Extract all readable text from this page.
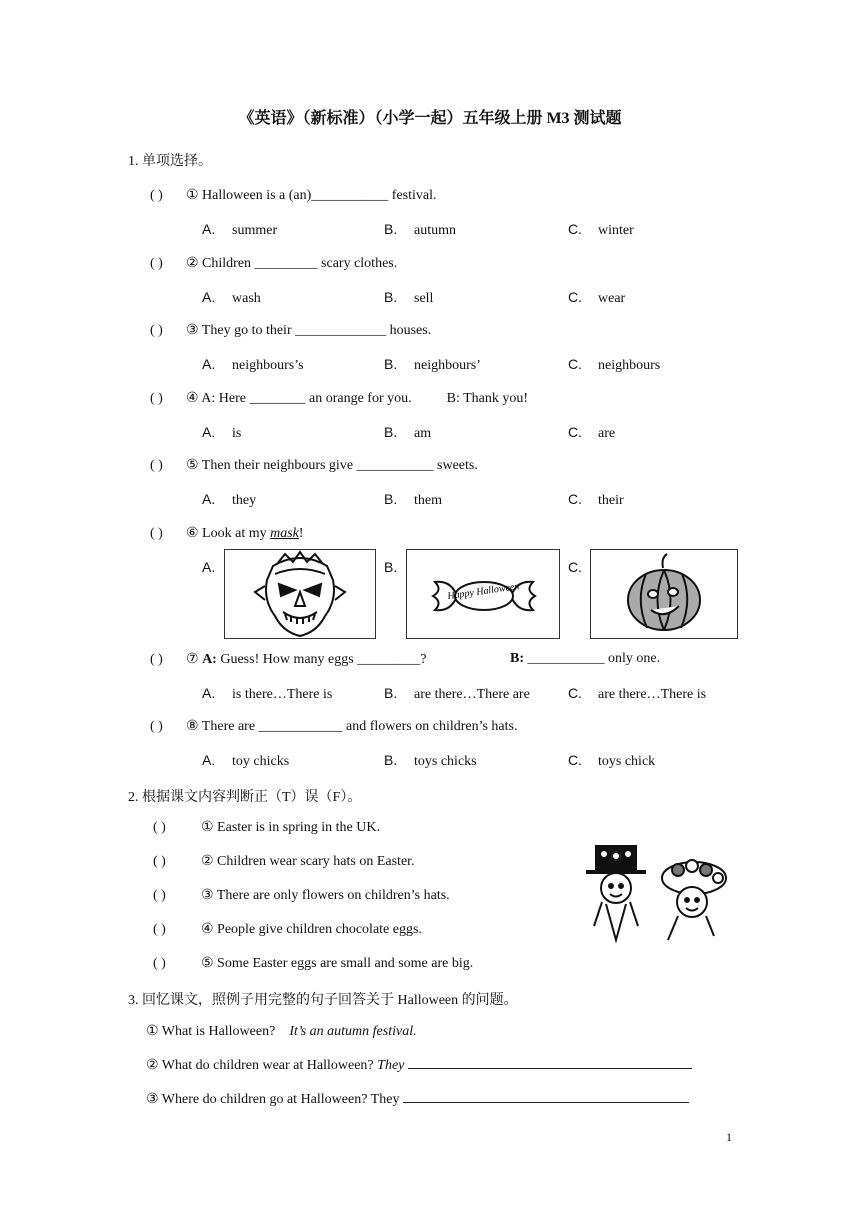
《英语》（新标准）（小学一起）五年级上册 M3 测试题
1. 单项选择。
( ) ① Halloween is a (an)___________ festival.
A. summer	B. autumn	C. winter
( ) ② Children _________ scary clothes.
A. wash	B. sell	C. wear
( ) ③ They go to their _____________ houses.
A. neighbours’s	B. neighbours’	C. neighbours
( ) ④ A: Here ________ an orange for you.          B: Thank you!
A. is	B. am	C. are
( ) ⑤ Then their neighbours give ___________ sweets.
A. they	B. them	C. their
( ) ⑥ Look at my mask!
A.	B.	C.
Happy Halloween
( ) ⑦ A: Guess! How many eggs _________?	B: ___________ only one.
A. is there…There is	B. are there…There are	C. are there…There is
( ) ⑧ There are ____________ and flowers on children’s hats.
A. toy chicks	B. toys chicks	C. toys chick
2. 根据课文内容判断正（T）误（F）。
( )	① Easter is in spring in the UK.
( )	② Children wear scary hats on Easter.
( )	③ There are only flowers on children’s hats.
( )	④ People give children chocolate eggs.
( )	⑤ Some Easter eggs are small and some are big.
3. 回忆课文，照例子用完整的句子回答关于 Halloween 的问题。
① What is Halloween?    It’s an autumn festival.
② What do children wear at Halloween? They
③ Where do children go at Halloween? They
1
